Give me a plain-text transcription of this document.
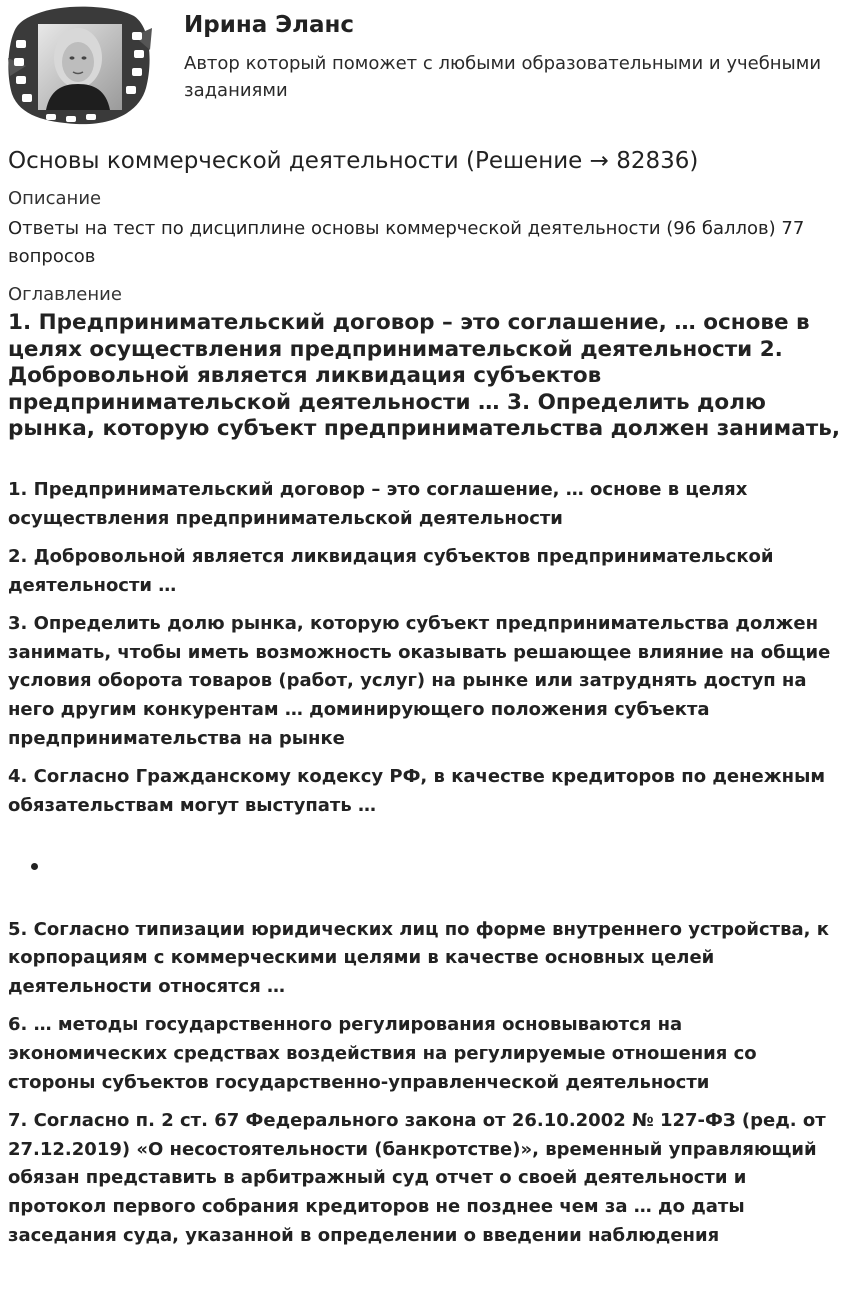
Ирина Эланс
Автор который поможет с любыми образовательными и учебными заданиями
Основы коммерческой деятельности (Решение → 82836)
Описание
Ответы на тест по дисциплине основы коммерческой деятельности (96 баллов) 77 вопросов
Оглавление
1. Предпринимательский договор – это соглашение, … основе в целях осуществления предпринимательской деятельности 2. Добровольной является ликвидация субъектов предпринимательской деятельности … 3. Определить долю рынка, которую субъект предпринимательства должен занимать,

1. Предпринимательский договор – это соглашение, … основе в целях осуществления предпринимательской деятельности

2. Добровольной является ликвидация субъектов предпринимательской деятельности …

3. Определить долю рынка, которую субъект предпринимательства должен занимать, чтобы иметь возможность оказывать решающее влияние на общие условия оборота товаров (работ, услуг) на рынке или затруднять доступ на него другим конкурентам … доминирующего положения субъекта предпринимательства на рынке

4. Согласно Гражданскому кодексу РФ, в качестве кредиторов по денежным обязательствам могут выступать …

5. Согласно типизации юридических лиц по форме внутреннего устройства, к корпорациям с коммерческими целями в качестве основных целей деятельности относятся …

6. … методы государственного регулирования основываются на экономических средствах воздействия на регулируемые отношения со стороны субъектов государственно-управленческой деятельности

7. Согласно п. 2 ст. 67 Федерального закона от 26.10.2002 № 127-ФЗ (ред. от 27.12.2019) «О несостоятельности (банкротстве)», временный управляющий обязан представить в арбитражный суд отчет о своей деятельности и протокол первого собрания кредиторов не позднее чем за … до даты заседания суда, указанной в определении о введении наблюдения
